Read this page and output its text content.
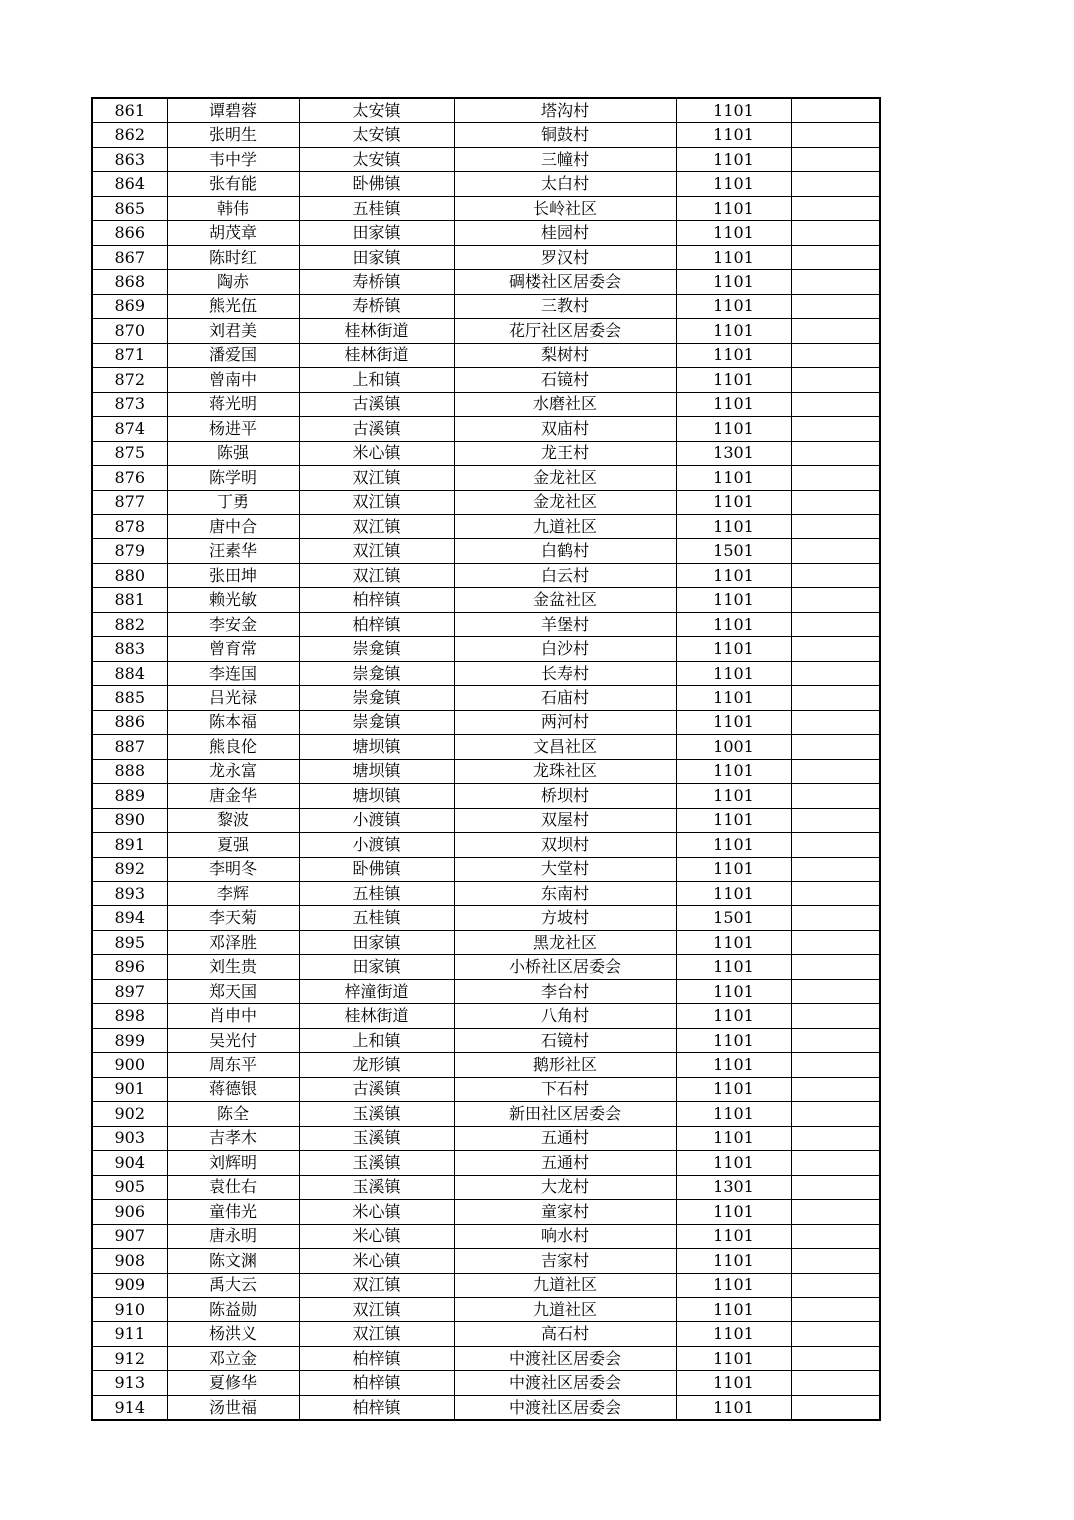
861	谭碧蓉	太安镇	塔沟村	1101	
862	张明生	太安镇	铜鼓村	1101	
863	韦中学	太安镇	三幢村	1101	
864	张有能	卧佛镇	太白村	1101	
865	韩伟	五桂镇	长岭社区	1101	
866	胡茂章	田家镇	桂园村	1101	
867	陈时红	田家镇	罗汉村	1101	
868	陶赤	寿桥镇	碉楼社区居委会	1101	
869	熊光伍	寿桥镇	三教村	1101	
870	刘君美	桂林街道	花厅社区居委会	1101	
871	潘爱国	桂林街道	梨树村	1101	
872	曾南中	上和镇	石镜村	1101	
873	蒋光明	古溪镇	水磨社区	1101	
874	杨进平	古溪镇	双庙村	1101	
875	陈强	米心镇	龙王村	1301	
876	陈学明	双江镇	金龙社区	1101	
877	丁勇	双江镇	金龙社区	1101	
878	唐中合	双江镇	九道社区	1101	
879	汪素华	双江镇	白鹤村	1501	
880	张田坤	双江镇	白云村	1101	
881	赖光敏	柏梓镇	金盆社区	1101	
882	李安金	柏梓镇	羊堡村	1101	
883	曾育常	崇龛镇	白沙村	1101	
884	李连国	崇龛镇	长寿村	1101	
885	吕光禄	崇龛镇	石庙村	1101	
886	陈本福	崇龛镇	两河村	1101	
887	熊良伦	塘坝镇	文昌社区	1001	
888	龙永富	塘坝镇	龙珠社区	1101	
889	唐金华	塘坝镇	桥坝村	1101	
890	黎波	小渡镇	双屋村	1101	
891	夏强	小渡镇	双坝村	1101	
892	李明冬	卧佛镇	大堂村	1101	
893	李辉	五桂镇	东南村	1101	
894	李天菊	五桂镇	方坡村	1501	
895	邓泽胜	田家镇	黑龙社区	1101	
896	刘生贵	田家镇	小桥社区居委会	1101	
897	郑天国	梓潼街道	李台村	1101	
898	肖申中	桂林街道	八角村	1101	
899	吴光付	上和镇	石镜村	1101	
900	周东平	龙形镇	鹅形社区	1101	
901	蒋德银	古溪镇	下石村	1101	
902	陈全	玉溪镇	新田社区居委会	1101	
903	吉孝木	玉溪镇	五通村	1101	
904	刘辉明	玉溪镇	五通村	1101	
905	袁仕右	玉溪镇	大龙村	1301	
906	童伟光	米心镇	童家村	1101	
907	唐永明	米心镇	响水村	1101	
908	陈文渊	米心镇	吉家村	1101	
909	禹大云	双江镇	九道社区	1101	
910	陈益勋	双江镇	九道社区	1101	
911	杨洪义	双江镇	高石村	1101	
912	邓立金	柏梓镇	中渡社区居委会	1101	
913	夏修华	柏梓镇	中渡社区居委会	1101	
914	汤世福	柏梓镇	中渡社区居委会	1101	
